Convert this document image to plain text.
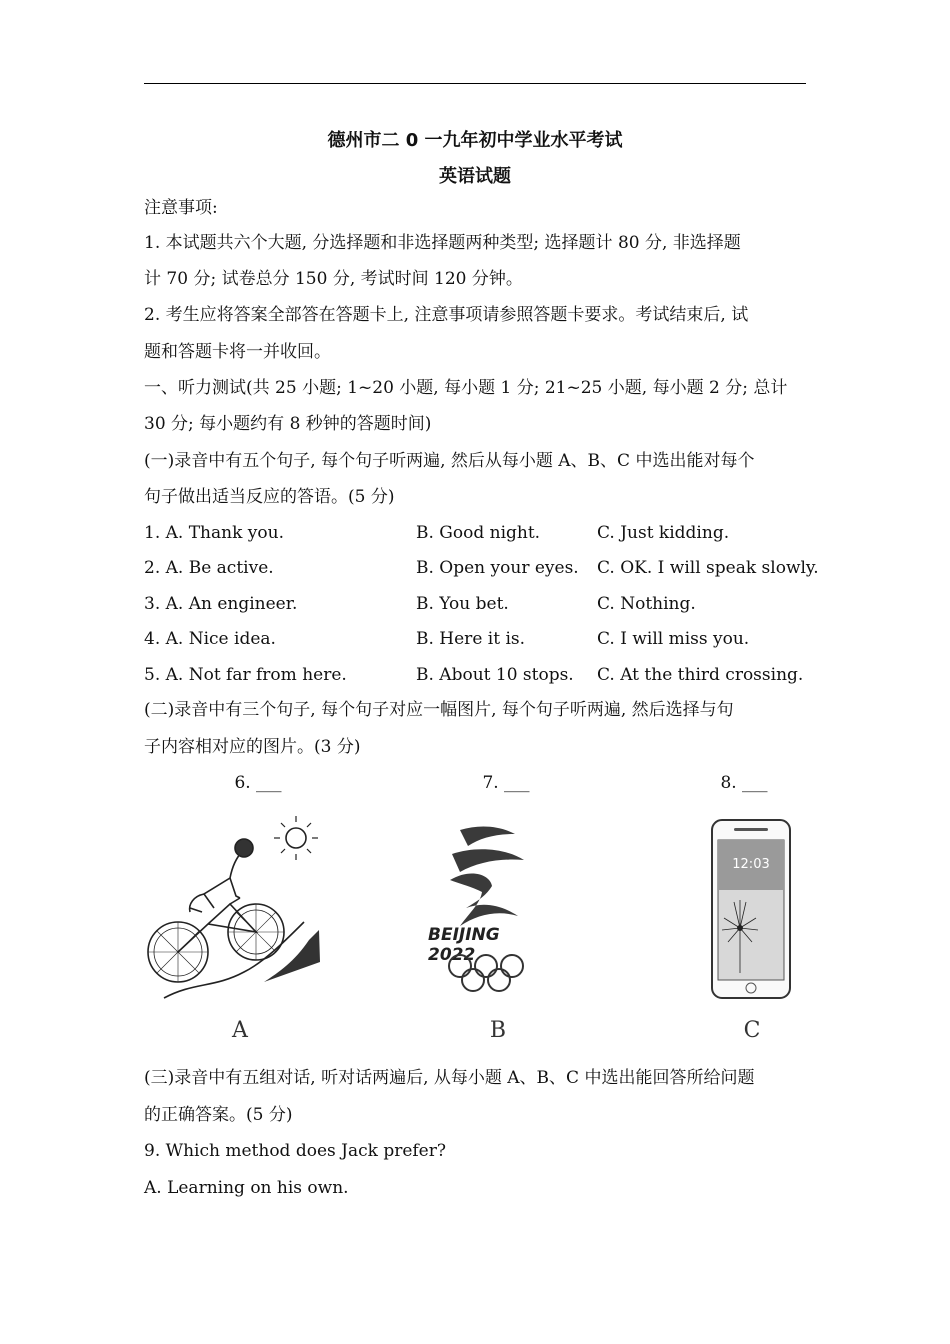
德州市二 0 一九年初中学业水平考试
英语试题
注意事项:
1. 本试题共六个大题, 分选择题和非选择题两种类型; 选择题计 80 分, 非选择题
计 70 分; 试卷总分 150 分, 考试时间 120 分钟。
2. 考生应将答案全部答在答题卡上, 注意事项请参照答题卡要求。考试结束后, 试
题和答题卡将一并收回。
一、听力测试(共 25 小题; 1~20 小题, 每小题 1 分; 21~25 小题, 每小题 2 分; 总计
30 分; 每小题约有 8 秒钟的答题时间)
(一)录音中有五个句子, 每个句子听两遍, 然后从每小题 A、B、C 中选出能对每个
句子做出适当反应的答语。(5 分)
1. A. Thank you.	B. Good night.	C. Just kidding.
2. A. Be active.	B. Open your eyes. C. OK. I will speak slowly.
3. A. An engineer.	B. You bet.	C. Nothing.
4. A. Nice idea.	B. Here it is.	C. I will miss you.
5. A. Not far from here.	B. About 10 stops. C. At the third crossing.
(二)录音中有三个句子, 每个句子对应一幅图片, 每个句子听两遍, 然后选择与句
子内容相对应的图片。(3 分)
6. ___	7. ___	8. ___
A
BEIJING 2022
B
12:03
C
(三)录音中有五组对话, 听对话两遍后, 从每小题 A、B、C 中选出能回答所给问题
的正确答案。(5 分)
9. Which method does Jack prefer?
A. Learning on his own.
